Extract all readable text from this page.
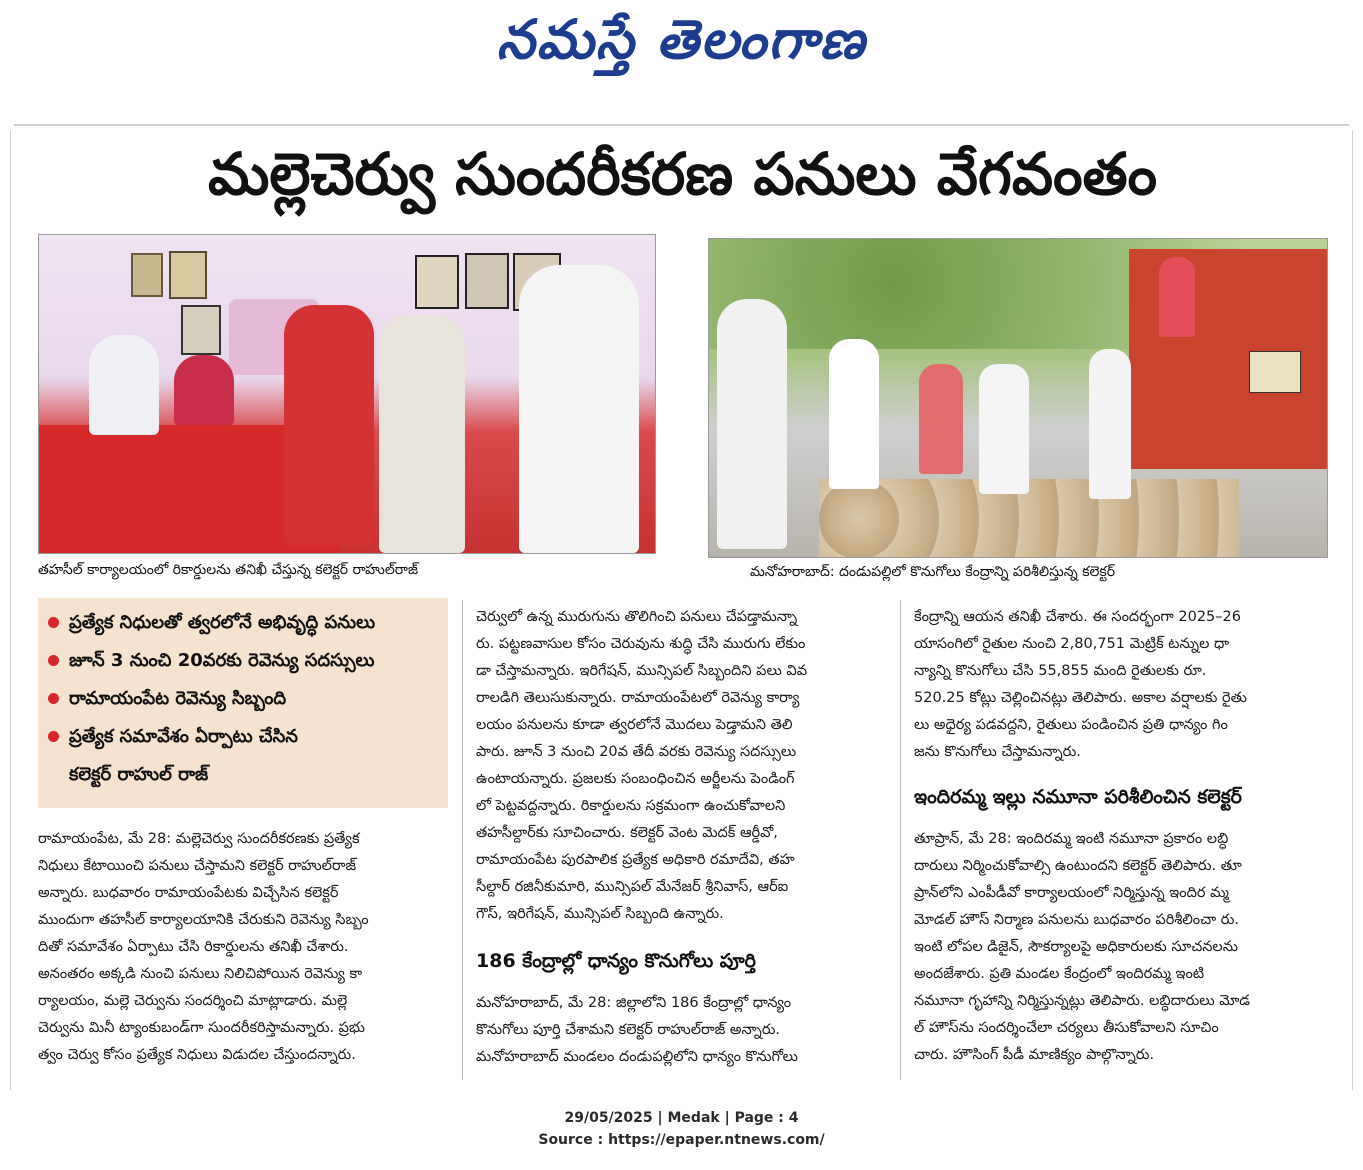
నమస్తే తెలంగాణ
మల్లెచెర్వు సుందరీకరణ పనులు వేగవంతం
తహసీల్ కార్యాలయంలో రికార్డులను తనిఖీ చేస్తున్న కలెక్టర్ రాహుల్‌రాజ్	మనోహరాబాద్: దండుపల్లిలో కొనుగోలు కేంద్రాన్ని పరిశీలిస్తున్న కలెక్టర్
ప్రత్యేక నిధులతో త్వరలోనే అభివృద్ధి పనులు
జూన్ 3 నుంచి 20వరకు రెవెన్యు సదస్సులు
రామాయంపేట రెవెన్యు సిబ్బంది
ప్రత్యేక సమావేశం ఏర్పాటు చేసిన
కలెక్టర్ రాహుల్ రాజ్
రామాయంపేట, మే 28: మల్లెచెర్వు సుందరీకరణకు ప్రత్యేక
నిధులు కేటాయించి పనులు చేస్తామని కలెక్టర్ రాహుల్‌రాజ్
అన్నారు. బుధవారం రామాయంపేటకు విచ్చేసిన కలెక్టర్
ముందుగా తహసీల్ కార్యాలయానికి చేరుకుని రెవెన్యు సిబ్బం
దితో సమావేశం ఏర్పాటు చేసి రికార్డులను తనిఖీ చేశారు.
అనంతరం అక్కడి నుంచి పనులు నిలిచిపోయిన రెవెన్యు కా
ర్యాలయం, మల్లె చెర్వును సందర్శించి మాట్లాడారు. మల్లె
చెర్వును మినీ ట్యాంకుబండ్‌గా సుందరీకరిస్తామన్నారు. ప్రభు
త్వం చెర్వు కోసం ప్రత్యేక నిధులు విడుదల చేస్తుందన్నారు.
చెర్వులో ఉన్న మురుగును తొలిగించి పనులు చేపడ్తామన్నా
రు. పట్టణవాసుల కోసం చెరువును శుద్ధి చేసి మురుగు లేకుం
డా చేస్తామన్నారు. ఇరిగేషన్, మున్సిపల్ సిబ్బందిని పలు వివ
రాలడిగి తెలుసుకున్నారు. రామాయంపేటలో రెవెన్యు కార్యా
లయం పనులను కూడా త్వరలోనే మొదలు పెడ్తామని తెలి
పారు. జూన్ 3 నుంచి 20వ తేదీ వరకు రెవెన్యు సదస్సులు
ఉంటాయన్నారు. ప్రజలకు సంబంధించిన అర్జీలను పెండింగ్
లో పెట్టవద్దన్నారు. రికార్డులను సక్రమంగా ఉంచుకోవాలని
తహసీల్దార్‌కు సూచించారు. కలెక్టర్ వెంట మెదక్ ఆర్డీవో,
రామాయంపేట పురపాలిక ప్రత్యేక అధికారి రమాదేవి, తహ
సీల్దార్ రజినీకుమారి, మున్సిపల్ మేనేజర్ శ్రీనివాస్, ఆర్ఐ
గౌస్, ఇరిగేషన్, మున్సిపల్ సిబ్బంది ఉన్నారు.
186 కేంద్రాల్లో ధాన్యం కొనుగోలు పూర్తి
మనోహరాబాద్, మే 28: జిల్లాలోని 186 కేంద్రాల్లో ధాన్యం
కొనుగోలు పూర్తి చేశామని కలెక్టర్ రాహుల్‌రాజ్ అన్నారు.
మనోహరాబాద్ మండలం దండుపల్లిలోని ధాన్యం కొనుగోలు
కేంద్రాన్ని ఆయన తనిఖీ చేశారు. ఈ సందర్భంగా 2025–26
యాసంగిలో రైతుల నుంచి 2,80,751 మెట్రిక్ టన్నుల ధా
న్యాన్ని కొనుగోలు చేసి 55,855 మంది రైతులకు రూ.
520.25 కోట్లు చెల్లించినట్లు తెలిపారు. అకాల వర్షాలకు రైతు
లు అధైర్య పడవద్దని, రైతులు పండించిన ప్రతి ధాన్యం గిం
జను కొనుగోలు చేస్తామన్నారు.
ఇందిరమ్మ ఇల్లు నమూనా పరిశీలించిన కలెక్టర్
తూప్రాన్, మే 28: ఇందిరమ్మ ఇంటి నమూనా ప్రకారం లబ్ధి
దారులు నిర్మించుకోవాల్సి ఉంటుందని కలెక్టర్ తెలిపారు. తూ
ప్రాన్‌లోని ఎంపీడీవో కార్యాలయంలో నిర్మిస్తున్న ఇందిర మ్మ
మోడల్ హౌస్ నిర్మాణ పనులను బుధవారం పరిశీలించా రు.
ఇంటి లోపల డిజైన్, సౌకర్యాలపై అధికారులకు సూచనలను
అందజేశారు. ప్రతి మండల కేంద్రంలో ఇందిరమ్మ ఇంటి
నమూనా గృహాన్ని నిర్మిస్తున్నట్లు తెలిపారు. లబ్ధిదారులు మోడ
ల్ హౌస్‌ను సందర్శించేలా చర్యలు తీసుకోవాలని సూచిం
చారు. హౌసింగ్ పీడీ మాణిక్యం పాల్గొన్నారు.
29/05/2025 | Medak | Page : 4
Source : https://epaper.ntnews.com/
